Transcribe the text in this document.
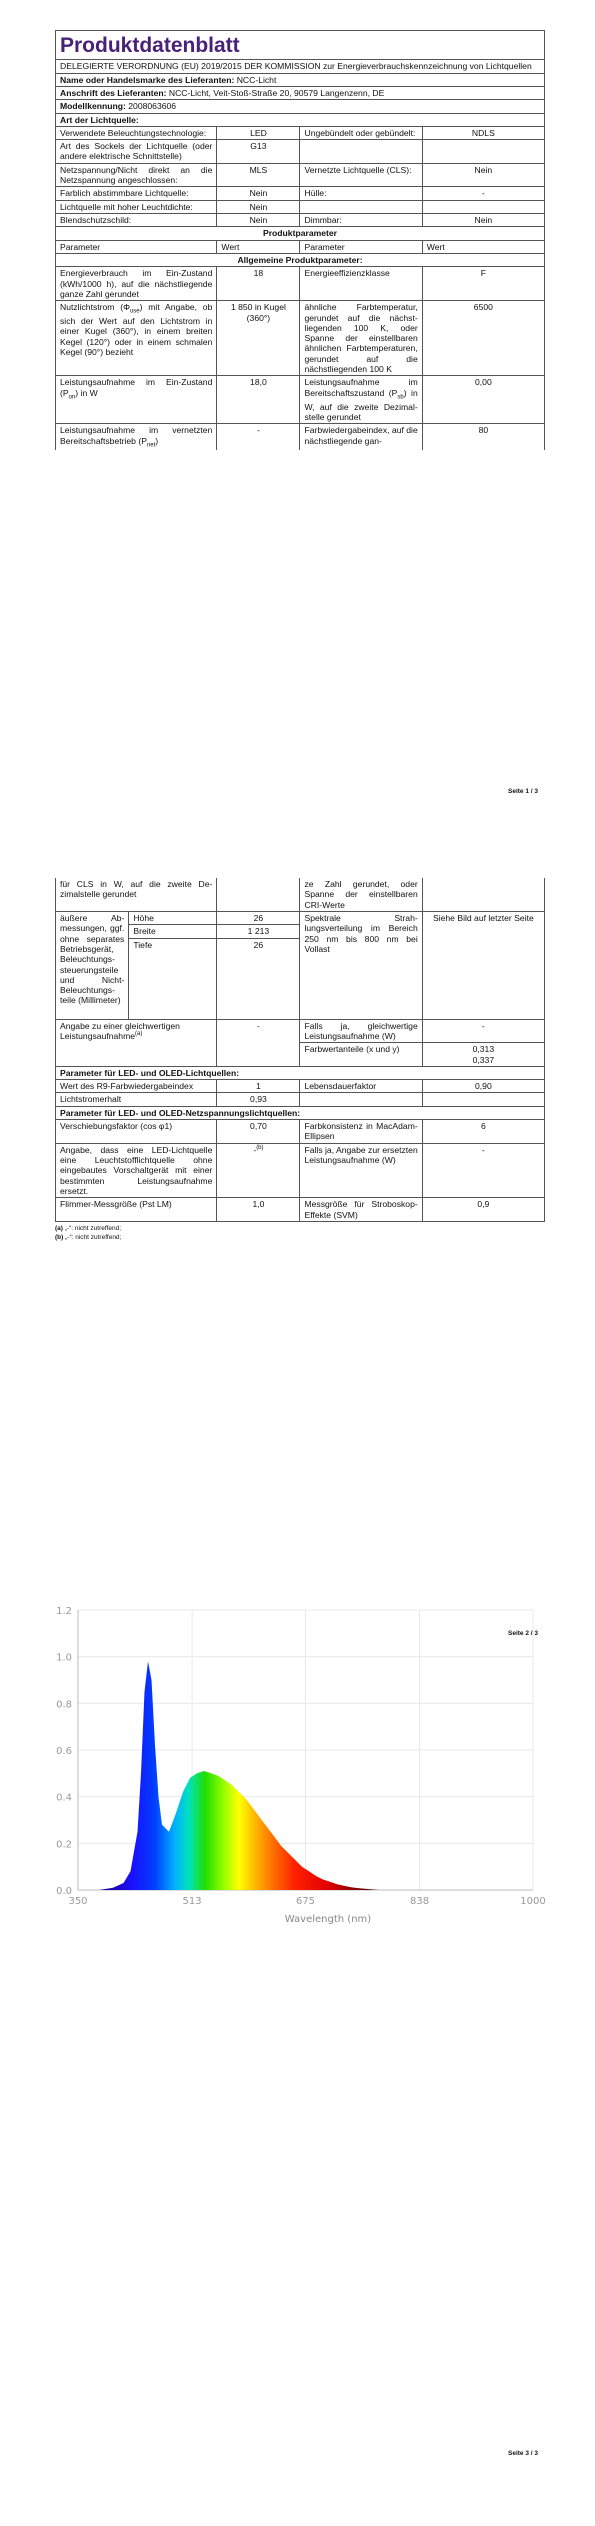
Produktdatenblatt			
DELEGIERTE VERORDNUNG (EU) 2019/2015 DER KOMMISSION zur Energieverbrauchskennzeichnung von Lichtquellen			
Name oder Handelsmarke des Lieferanten: NCC-Licht			
Anschrift des Lieferanten: NCC-Licht, Veit-Stoß-Straße 20, 90579 Langenzenn, DE			
Modellkennung: 2008063606			
Art der Lichtquelle:			
Verwendete Beleuchtungstechnologie:	LED	Ungebündelt oder gebündelt:	NDLS
Art des Sockels der Lichtquelle (oder andere elektrische Schnittstelle)	G13		
Netzspannung/Nicht direkt an die Netzspannung angeschlossen:	MLS	Vernetzte Lichtquelle (CLS):	Nein
Farblich abstimmbare Lichtquelle:	Nein	Hülle:	-
Lichtquelle mit hoher Leuchtdichte:	Nein		
Blendschutzschild:	Nein	Dimmbar:	Nein
Produktparameter			
Parameter	Wert	Parameter	Wert
Allgemeine Produktparameter:			
Energieverbrauch im Ein-Zustand (kWh/1000 h), auf die nächstliegende ganze Zahl gerundet	18	Energieeffizienzklasse	F
Nutzlichtstrom $(\Phi_{use})$ mit Angabe, ob sich der Wert auf den Lichtstrom in einer Kugel (360°), in einem breiten Kegel (120°) oder in einem schmalen Kegel (90°) bezieht	1 850 in Kugel (360°)	ähnliche Farbtemperatur, gerundet auf die nächstliegenden 100 K, oder Spanne der einstellbaren ähnlichen Farbtemperaturen, gerundet auf die nächstliegenden 100 K	6500
Leistungsaufnahme im Ein-Zustand $(P_{on})$ in W	18,0	Leistungsaufnahme im Bereitschaftszustand $(P_{sb})$ in W, auf die zweite Dezimalstelle gerundet	0,00
Leistungsaufnahme im vernetzten Bereitschaftsbetrieb $(P_{net})$	-	Farbwiedergabeindex, auf die nächstliegende gan-	80
Seite 1 / 3
für CLS in W, auf die zweite Dezimalstelle gerundet			ze Zahl gerundet, oder Spanne der einstellbaren CRI-Werte	
äußere Abmessungen, ggf. ohne separates Betriebsgerät, Beleuchtungssteuerungsteile und Nicht-Beleuchtungsteile (Millimeter)	Höhe	26	Spektrale Strahlungsverteilung im Bereich 250 nm bis 800 nm bei Vollast	Siehe Bild auf letzter Seite
	Breite	1 213		
	Tiefe	26		
Angabe zu einer gleichwertigen Leistungsaufnahme$^{(a)}$		-	Falls ja, gleichwertige Leistungsaufnahme (W)	-
			Farbwertanteile (x und y)	0,313
0,337

Parameter für LED- und OLED-Lichtquellen:				
Wert des R9-Farbwiedergabeindex		1	Lebensdauerfaktor	0,90
Lichtstromerhalt		0,93		
Parameter für LED- und OLED-Netzspannungslichtquellen:				
Verschiebungsfaktor (cos φ1)		0,70	Farbkonsistenz in MacAdam-Ellipsen	6
Angabe, dass eine LED-Lichtquelle eine Leuchtstofflichtquelle ohne eingebautes Vorschaltgerät mit einer bestimmten Leistungsaufnahme ersetzt.		-$^{(b)}$	Falls ja, Angabe zur ersetzten Leistungsaufnahme (W)	-
Flimmer-Messgröße (Pst LM)		1,0	Messgröße für Stroboskop-Effekte (SVM)	0,9
(a) „-“: nicht zutreffend;
(b) „-“: nicht zutreffend;
Seite 2 / 3
0.0
0.2
0.4
0.6
0.8
1.0
1.2
350	513	675	838	1000
Wavelength (nm)
Seite 3 / 3
